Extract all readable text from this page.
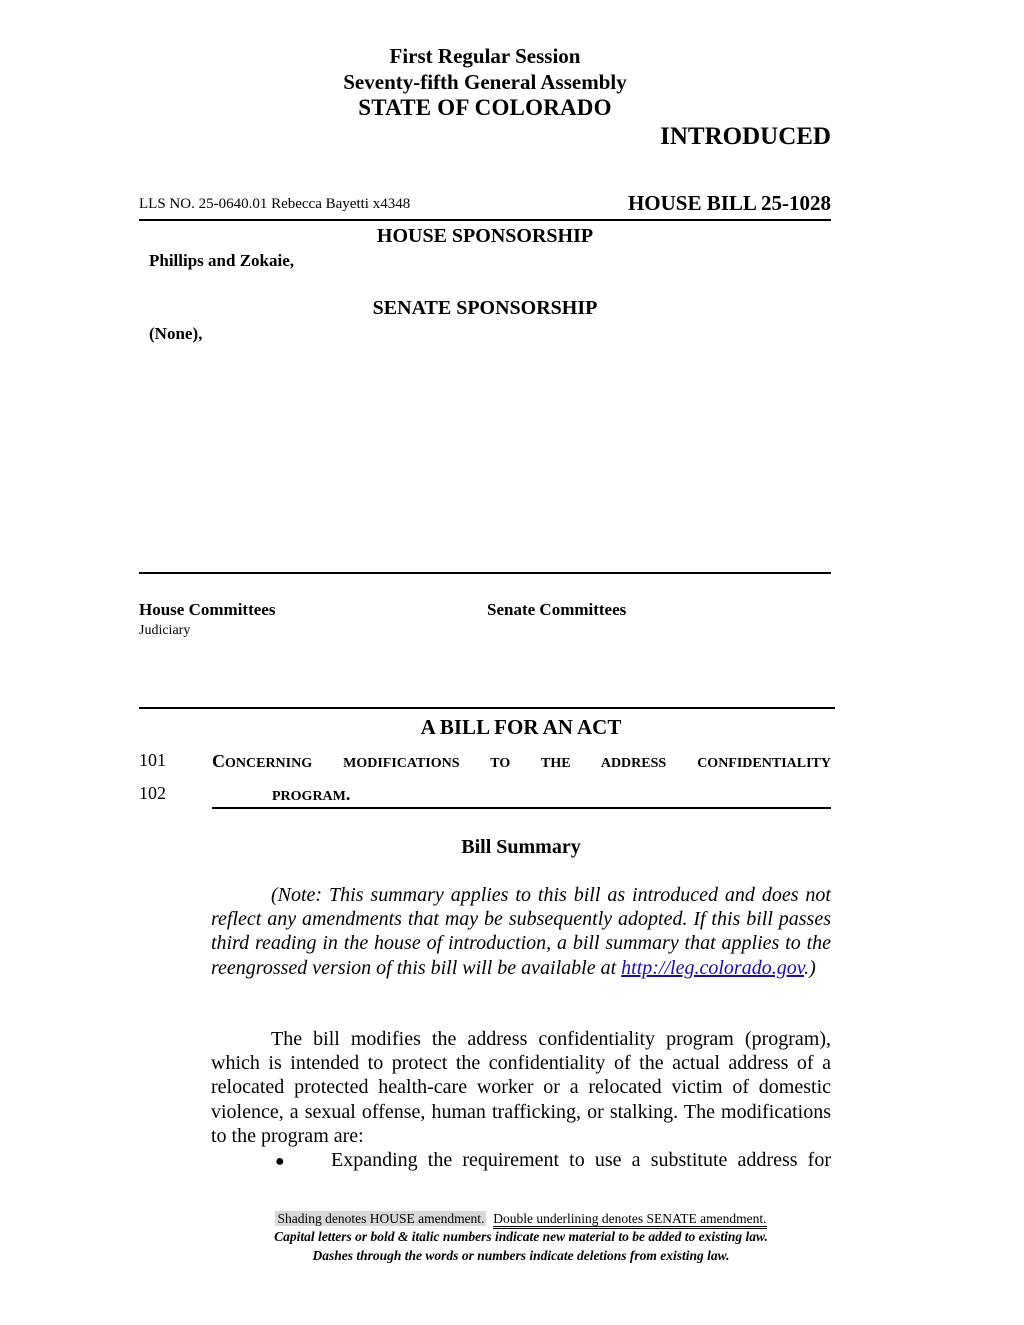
First Regular Session
Seventy-fifth General Assembly
STATE OF COLORADO
INTRODUCED
LLS NO. 25-0640.01 Rebecca Bayetti x4348	HOUSE BILL 25-1028
HOUSE SPONSORSHIP
Phillips and Zokaie,
SENATE SPONSORSHIP
(None),
House Committees
Judiciary
Senate Committees
A BILL FOR AN ACT
101	CONCERNING MODIFICATIONS TO THE ADDRESS CONFIDENTIALITY
102	PROGRAM.
Bill Summary
(Note: This summary applies to this bill as introduced and does not reflect any amendments that may be subsequently adopted. If this bill passes third reading in the house of introduction, a bill summary that applies to the reengrossed version of this bill will be available at http://leg.colorado.gov.)
The bill modifies the address confidentiality program (program), which is intended to protect the confidentiality of the actual address of a relocated protected health-care worker or a relocated victim of domestic violence, a sexual offense, human trafficking, or stalking. The modifications to the program are:
● Expanding the requirement to use a substitute address for
Shading denotes HOUSE amendment. Double underlining denotes SENATE amendment.
Capital letters or bold & italic numbers indicate new material to be added to existing law.
Dashes through the words or numbers indicate deletions from existing law.
